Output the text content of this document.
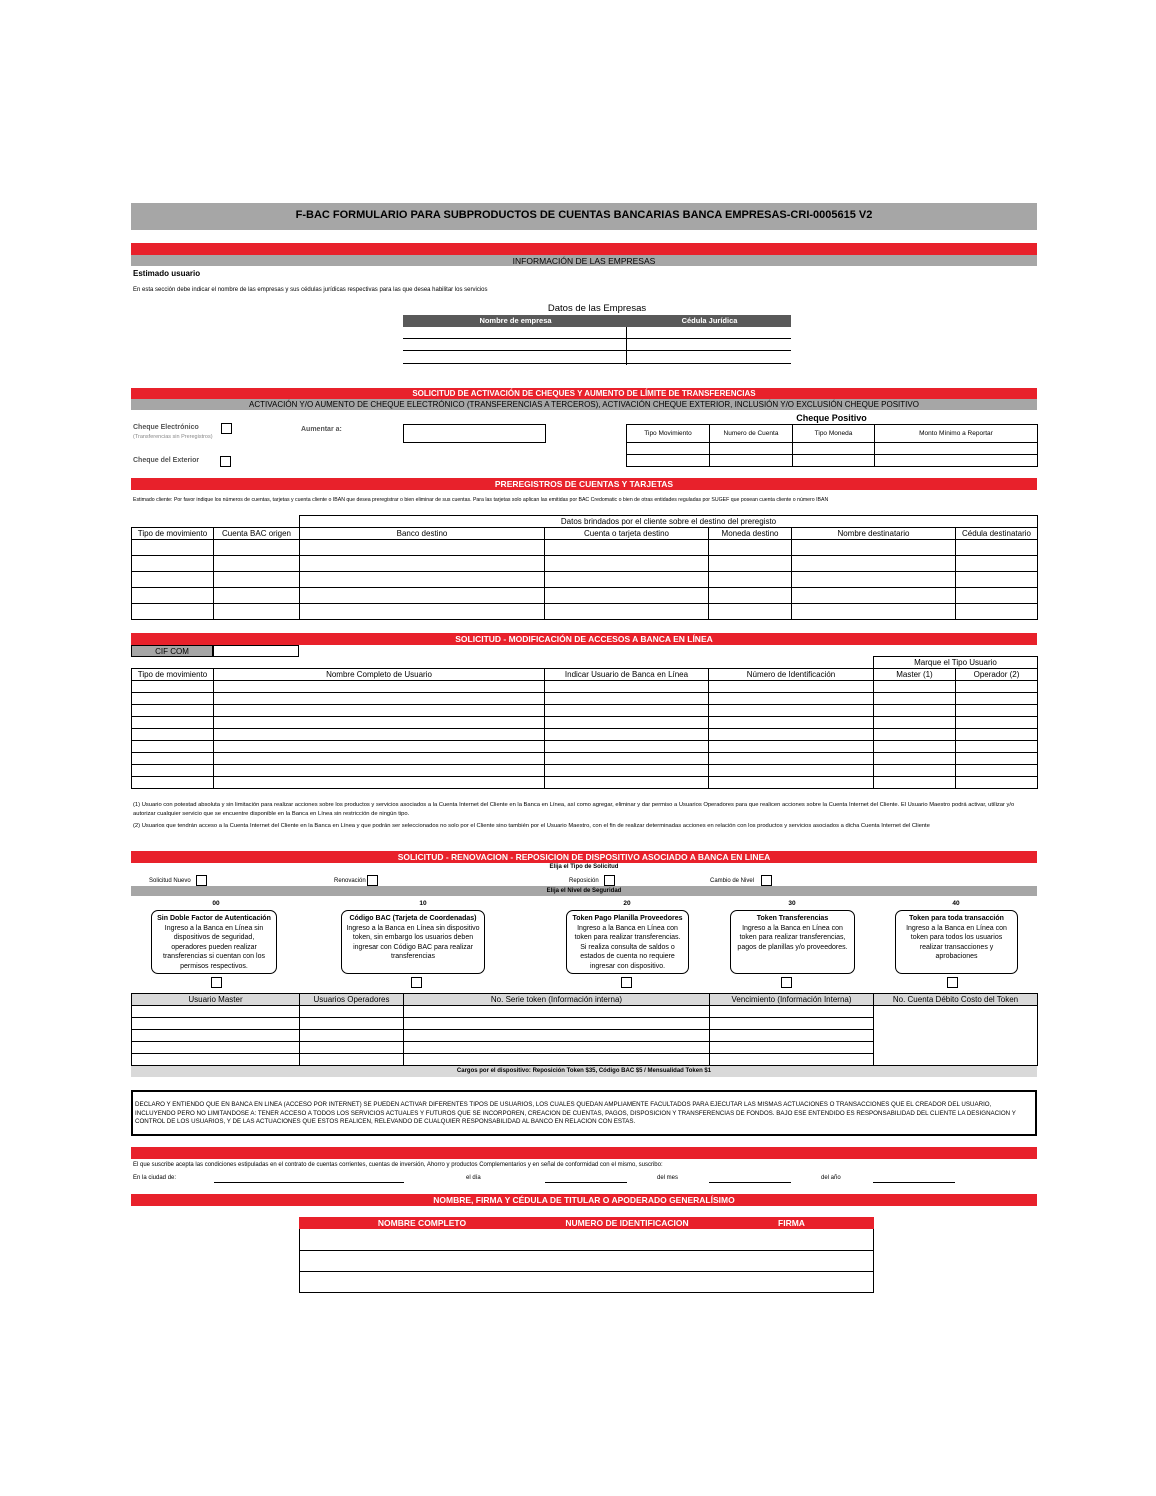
F-BAC FORMULARIO PARA SUBPRODUCTOS DE CUENTAS BANCARIAS BANCA EMPRESAS-CRI-0005615 V2
INFORMACIÓN DE LAS EMPRESAS
Estimado usuario
En esta sección debe indicar el nombre de las empresas y sus cédulas jurídicas respectivas para las que desea habilitar los servicios
Datos de las Empresas
Nombre de empresa	Cédula Jurídica
SOLICITUD DE ACTIVACIÓN DE CHEQUES Y AUMENTO DE LÍMITE DE TRANSFERENCIAS
ACTIVACIÓN Y/O AUMENTO DE CHEQUE ELECTRÓNICO (TRANSFERENCIAS A TERCEROS), ACTIVACIÓN CHEQUE EXTERIOR, INCLUSIÓN Y/O EXCLUSIÓN CHEQUE POSITIVO
Cheque Electrónico
(Transferencias sin Preregistros)
Cheque del Exterior
Aumentar a:
Cheque Positivo
Tipo Movimiento	Numero de Cuenta	Tipo Moneda	Monto Mínimo a Reportar

PREREGISTROS DE CUENTAS Y TARJETAS
Estimado cliente: Por favor indique los números de cuentas, tarjetas y cuenta cliente o IBAN que desea preregistrar o bien eliminar de sus cuentas. Para las tarjetas solo aplican las emitidas por BAC Credomatic o bien de otras entidades reguladas por SUGEF que posean cuenta cliente o número IBAN
		Datos brindados por el cliente sobre el destino del preregisto				
Tipo de movimiento	Cuenta BAC origen	Banco destino	Cuenta o tarjeta destino	Moneda destino	Nombre destinatario	Cédula destinatario

SOLICITUD - MODIFICACIÓN DE ACCESOS A BANCA EN LÍNEA
CIF COM
				Marque el Tipo Usuario	
Tipo de movimiento	Nombre Completo de Usuario	Indicar Usuario de Banca en Línea	Número de Identificación	Master (1)	Operador (2)

(1) Usuario con potestad absoluta y sin limitación para realizar acciones sobre los productos y servicios asociados a la Cuenta Internet del Cliente en la Banca en Línea, así como agregar, eliminar y dar permiso a Usuarios Operadores para que realicen acciones sobre la Cuenta Internet del Cliente. El Usuario Maestro podrá activar, utilizar y/o autorizar cualquier servicio que se encuentre disponible en la Banca en Línea sin restricción de ningún tipo.
(2) Usuarios que tendrán acceso a la Cuenta Internet del Cliente en la Banca en Línea y que podrán ser seleccionados no solo por el Cliente sino también por el Usuario Maestro, con el fin de realizar determinadas acciones en relación con los productos y servicios asociados a dicha Cuenta Internet del Cliente
SOLICITUD - RENOVACION - REPOSICION DE DISPOSITIVO ASOCIADO A BANCA EN LINEA
Elija el Tipo de Solicitud
Solicitud Nuevo	Renovación	Reposición	Cambio de Nivel
Elija el Nivel de Seguridad
00	10	20	30	40
Sin Doble Factor de Autenticación
Ingreso a la Banca en Línea sin dispositivos de seguridad, operadores pueden realizar transferencias si cuentan con los permisos respectivos.
Código BAC (Tarjeta de Coordenadas)
Ingreso a la Banca en Línea sin dispositivo token, sin embargo los usuarios deben ingresar con Código BAC para realizar transferencias
Token Pago Planilla Proveedores
Ingreso a la Banca en Línea con token para realizar transferencias. Si realiza consulta de saldos o estados de cuenta no requiere ingresar con dispositivo.
Token Transferencias
Ingreso a la Banca en Línea con token para realizar transferencias, pagos de planillas y/o proveedores.
Token para toda transacción
Ingreso a la Banca en Línea con token para todos los usuarios realizar transacciones y aprobaciones
Usuario Master	Usuarios Operadores	No. Serie token (Información interna)	Vencimiento (Información Interna)	No. Cuenta Débito Costo del Token

Cargos por el dispositivo: Reposición Token $35, Código BAC $5 / Mensualidad Token $1
DECLARO Y ENTIENDO QUE EN BANCA EN LINEA (ACCESO POR INTERNET) SE PUEDEN ACTIVAR DIFERENTES TIPOS DE USUARIOS, LOS CUALES QUEDAN AMPLIAMENTE FACULTADOS PARA EJECUTAR LAS MISMAS ACTUACIONES O TRANSACCIONES QUE EL CREADOR DEL USUARIO, INCLUYENDO PERO NO LIMITANDOSE A: TENER ACCESO A TODOS LOS SERVICIOS ACTUALES Y FUTUROS QUE SE INCORPOREN, CREACION DE CUENTAS, PAGOS, DISPOSICION Y TRANSFERENCIAS DE FONDOS. BAJO ESE ENTENDIDO ES RESPONSABILIDAD DEL CLIENTE LA DESIGNACION Y CONTROL DE LOS USUARIOS, Y DE LAS ACTUACIONES QUE ESTOS REALICEN, RELEVANDO DE CUALQUIER RESPONSABILIDAD AL BANCO EN RELACION CON ESTAS.
El que suscribe acepta las condiciones estipuladas en el contrato de cuentas corrientes, cuentas de inversión, Ahorro y productos Complementarios y en señal de conformidad con el mismo, suscribo:
En la ciudad de:	el día	del mes	del año
NOMBRE, FIRMA Y CÉDULA DE TITULAR O APODERADO GENERALÍSIMO
NOMBRE COMPLETO	NUMERO DE IDENTIFICACION	FIRMA
